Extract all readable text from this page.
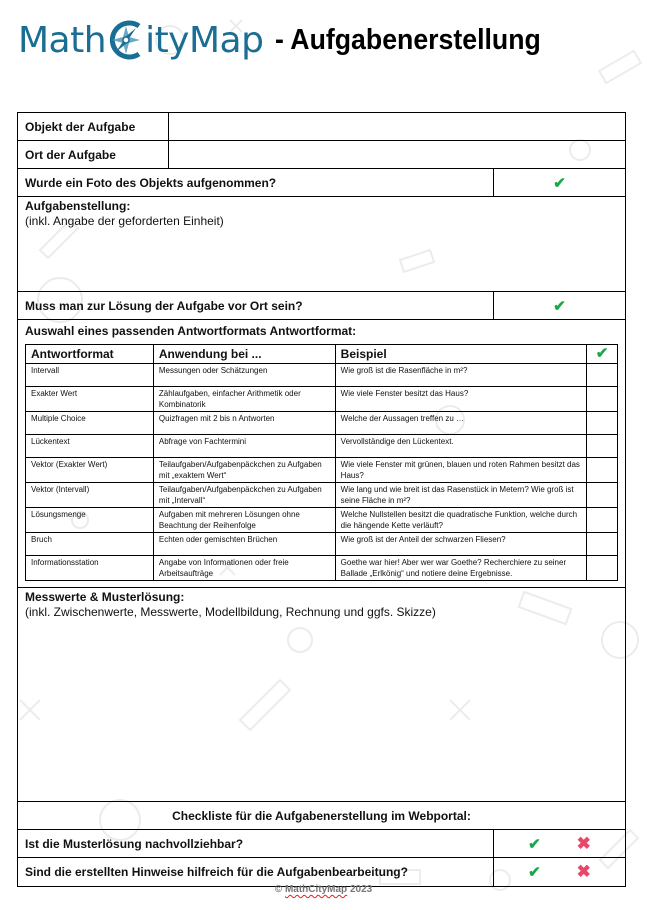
Math ityMap - Aufgabenerstellung
Objekt der Aufgabe
Ort der Aufgabe
Wurde ein Foto des Objekts aufgenommen?	✔
Aufgabenstellung:
(inkl. Angabe der geforderten Einheit)
Muss man zur Lösung der Aufgabe vor Ort sein?	✔
Auswahl eines passenden Antwortformats Antwortformat:
Antwortformat	Anwendung bei ...	Beispiel	✔
Intervall	Messungen oder Schätzungen	Wie groß ist die Rasenfläche in m²?	
Exakter Wert	Zählaufgaben, einfacher Arithmetik oder Kombinatorik	Wie viele Fenster besitzt das Haus?	
Multiple Choice	Quizfragen mit 2 bis n Antworten	Welche der Aussagen treffen zu …	
Lückentext	Abfrage von Fachtermini	Vervollständige den Lückentext.	
Vektor (Exakter Wert)	Teilaufgaben/Aufgabenpäckchen zu Aufgaben mit „exaktem Wert“	Wie viele Fenster mit grünen, blauen und roten Rahmen besitzt das Haus?	
Vektor (Intervall)	Teilaufgaben/Aufgabenpäckchen zu Aufgaben mit „Intervall“	Wie lang und wie breit ist das Rasenstück in Metern? Wie groß ist seine Fläche in m²?	
Lösungsmenge	Aufgaben mit mehreren Lösungen ohne Beachtung der Reihenfolge	Welche Nullstellen besitzt die quadratische Funktion, welche durch die hängende Kette verläuft?	
Bruch	Echten oder gemischten Brüchen	Wie groß ist der Anteil der schwarzen Fliesen?	
Informationsstation	Angabe von Informationen oder freie Arbeitsaufträge	Goethe war hier! Aber wer war Goethe? Recherchiere zu seiner Ballade „Erlkönig“ und notiere deine Ergebnisse.	
Messwerte & Musterlösung:
(inkl. Zwischenwerte, Messwerte, Modellbildung, Rechnung und ggfs. Skizze)
Checkliste für die Aufgabenerstellung im Webportal:
Ist die Musterlösung nachvollziehbar?	✔ ✖
Sind die erstellten Hinweise hilfreich für die Aufgabenbearbeitung?	✔ ✖
© MathCityMap 2023
